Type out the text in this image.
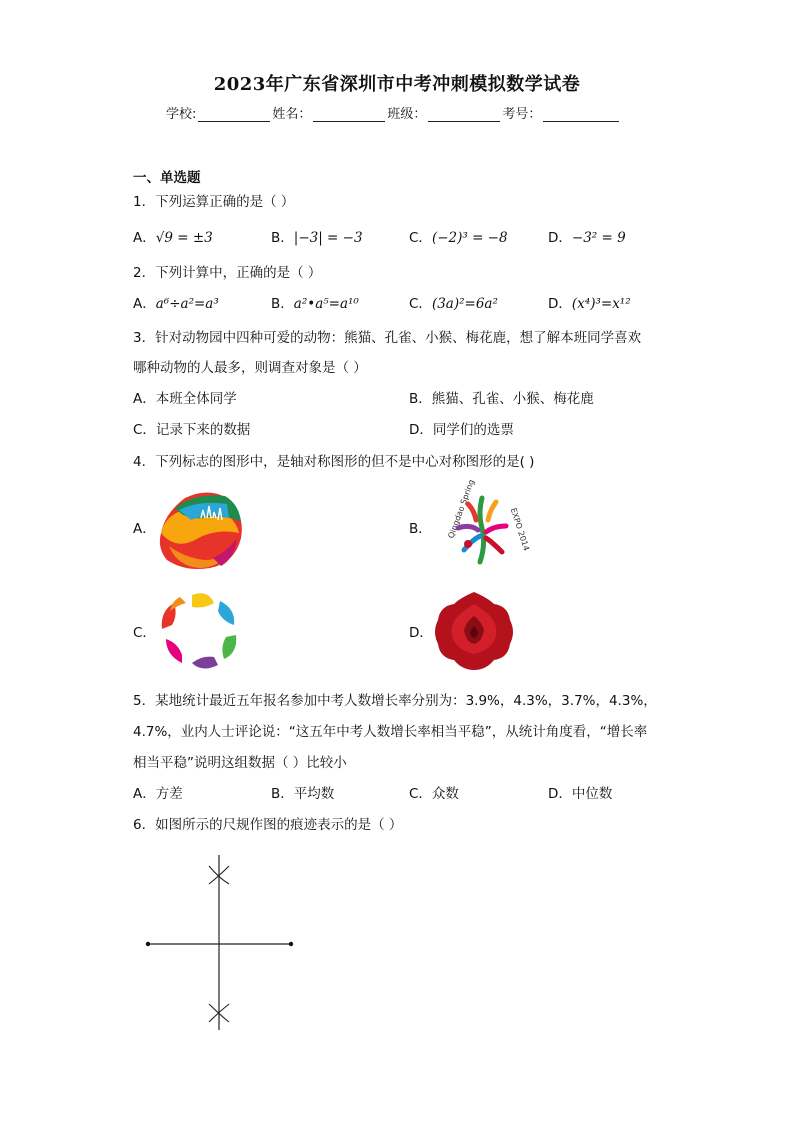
2023年广东省深圳市中考冲刺模拟数学试卷
学校:	姓名：	班级：	考号：
一、单选题
1．下列运算正确的是（ ）
A．√9 = ±3	B．|−3| = −3	C．(−2)³ = −8	D．−3² = 9
2．下列计算中，正确的是（ ）
A．a⁶÷a²=a³	B．a²•a⁵=a¹⁰	C．(3a)²=6a²	D．(x⁴)³=x¹²
3．针对动物园中四种可爱的动物：熊猫、孔雀、小猴、梅花鹿，想了解本班同学喜欢
哪种动物的人最多，则调查对象是（ ）
A．本班全体同学	B．熊猫、孔雀、小猴、梅花鹿
C．记录下来的数据	D．同学们的选票
4．下列标志的图形中，是轴对称图形的但不是中心对称图形的是( )
A．	B． Qingdao Spring	EXPO 2014
C．	D．
5．某地统计最近五年报名参加中考人数增长率分别为：3.9%，4.3%，3.7%，4.3%，
4.7%，业内人士评论说：“这五年中考人数增长率相当平稳”，从统计角度看，“增长率
相当平稳”说明这组数据（ ）比较小
A．方差	B．平均数	C．众数	D．中位数
6．如图所示的尺规作图的痕迹表示的是（ ）
